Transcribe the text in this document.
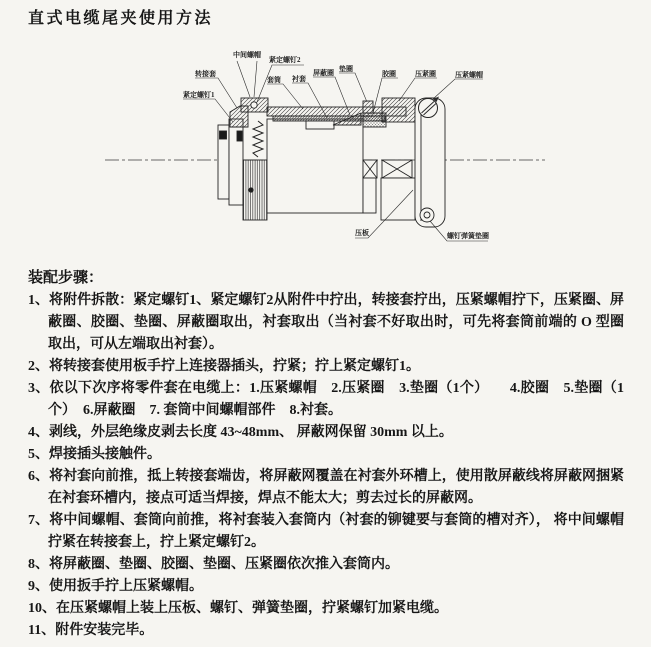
直式电缆尾夹使用方法
紧定螺钉1
转接套
中间螺帽
紧定螺钉2
套筒 衬套
屏蔽圈 垫圈
胶圈	压紧圈	压紧螺帽
压板	螺钉弹簧垫圈

装配步骤：

1、将附件拆散：紧定螺钉1、紧定螺钉2从附件中拧出，转接套拧出，压紧螺帽拧下，压紧圈、屏蔽圈、胶圈、垫圈、屏蔽圈取出，衬套取出（当衬套不好取出时，可先将套筒前端的 O 型圈取出，可从左端取出衬套）。

2、将转接套使用板手拧上连接器插头，拧紧；拧上紧定螺钉1。

3、依以下次序将零件套在电缆上：1.压紧螺帽　2.压紧圈　3.垫圈（1个）　　4.胶圈　5.垫圈（1个）　6.屏蔽圈　7. 套筒中间螺帽部件　8.衬套。

4、剥线，外层绝缘皮剥去长度 43~48mm、 屏蔽网保留 30mm 以上。

5、焊接插头接触件。

6、将衬套向前推，抵上转接套端齿，将屏蔽网覆盖在衬套外环槽上，使用散屏蔽线将屏蔽网捆紧在衬套环槽内，接点可适当焊接，焊点不能太大；剪去过长的屏蔽网。

7、将中间螺帽、套筒向前推，将衬套装入套筒内（衬套的铆键要与套筒的槽对齐）， 将中间螺帽拧紧在转接套上，拧上紧定螺钉2。

8、将屏蔽圈、垫圈、胶圈、垫圈、压紧圈依次推入套筒内。

9、使用扳手拧上压紧螺帽。

10、在压紧螺帽上装上压板、螺钉、弹簧垫圈，拧紧螺钉加紧电缆。

11、附件安装完毕。
